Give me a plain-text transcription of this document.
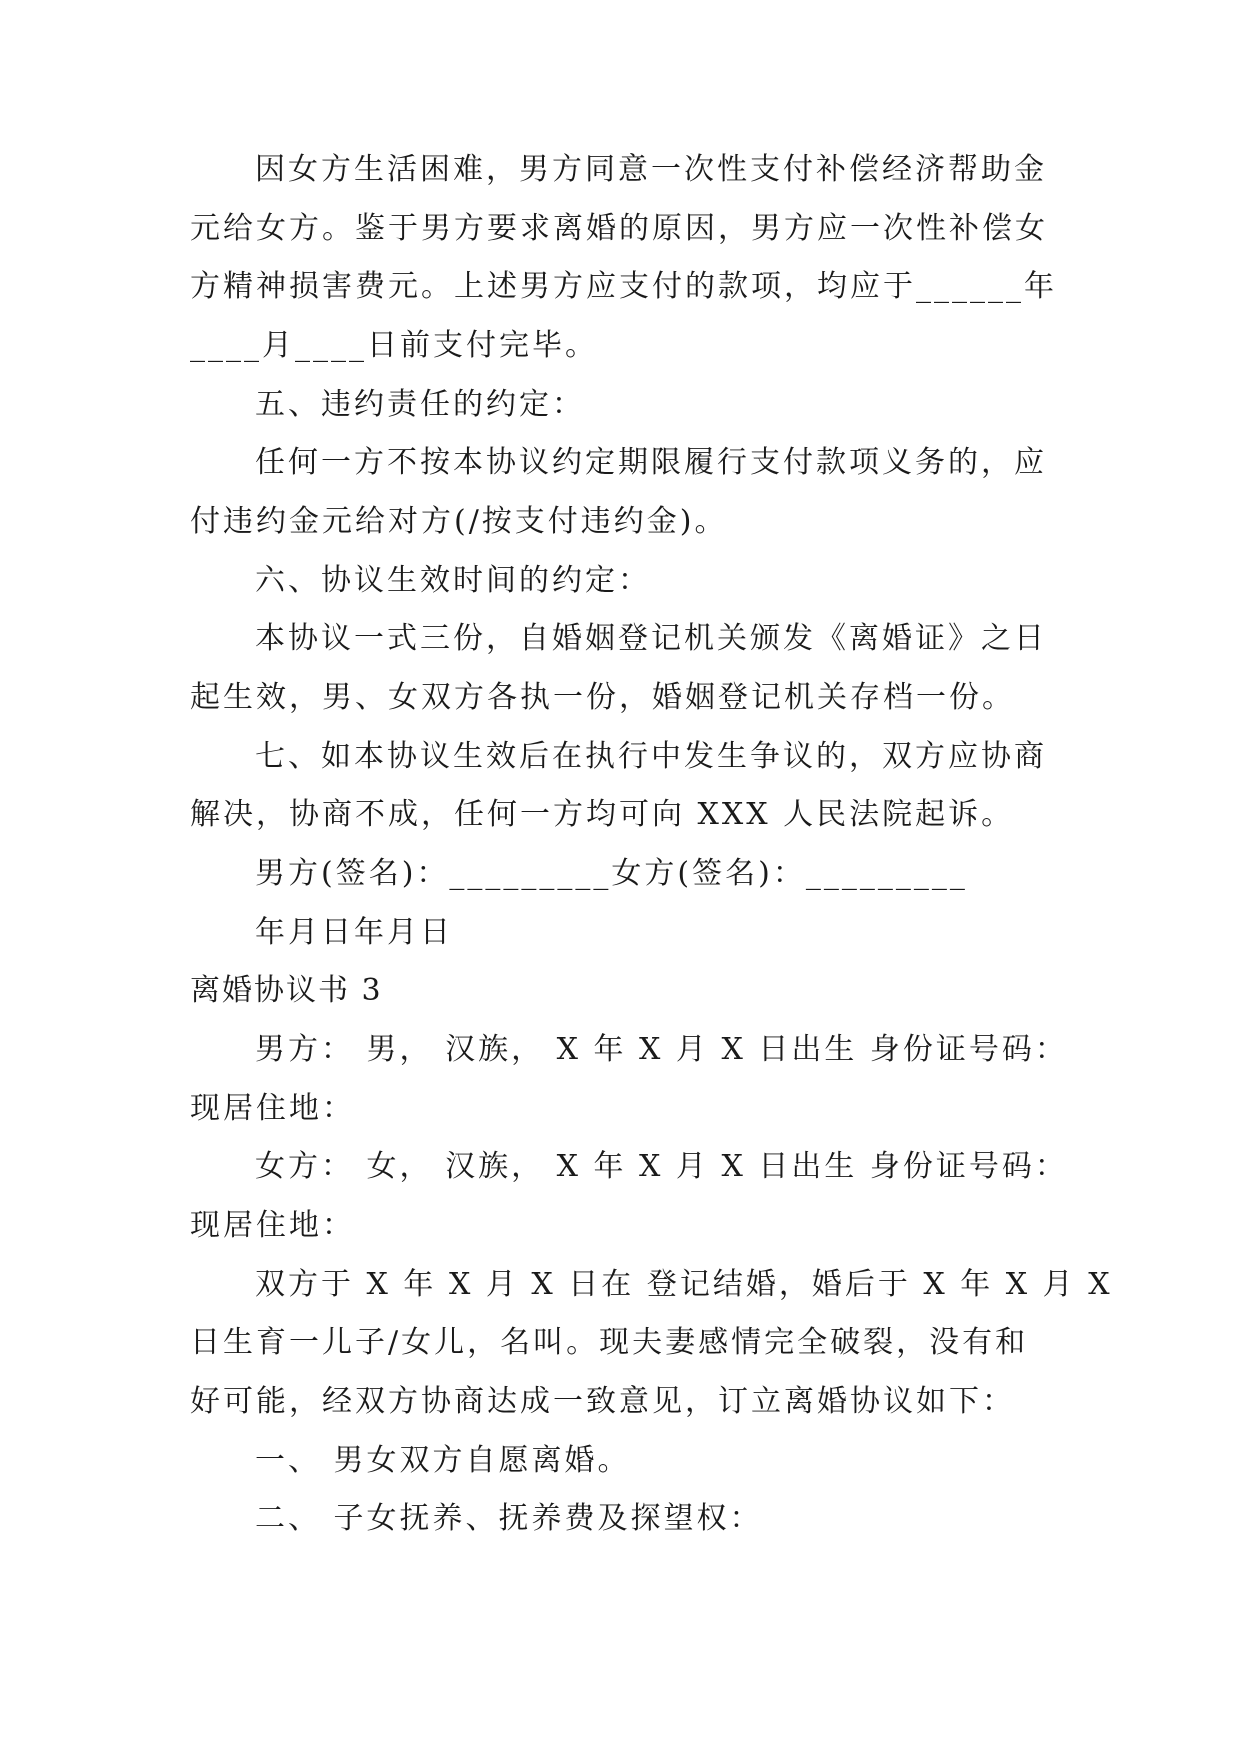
因女方生活困难，男方同意一次性支付补偿经济帮助金
元给女方。鉴于男方要求离婚的原因，男方应一次性补偿女
方精神损害费元。上述男方应支付的款项，均应于______年
____月____日前支付完毕。
五、违约责任的约定：
任何一方不按本协议约定期限履行支付款项义务的，应
付违约金元给对方(/按支付违约金)。
六、协议生效时间的约定：
本协议一式三份，自婚姻登记机关颁发《离婚证》之日
起生效，男、女双方各执一份，婚姻登记机关存档一份。
七、如本协议生效后在执行中发生争议的，双方应协商
解决，协商不成，任何一方均可向 XXX 人民法院起诉。
男方(签名)：_________女方(签名)：_________
年月日年月日
离婚协议书 3
男方： 男， 汉族， X 年 X 月 X 日出生 身份证号码：
现居住地：
女方： 女， 汉族， X 年 X 月 X 日出生 身份证号码：
现居住地：
双方于 X 年 X 月 X 日在 登记结婚，婚后于 X 年 X 月 X
日生育一儿子/女儿，名叫。现夫妻感情完全破裂，没有和
好可能，经双方协商达成一致意见，订立离婚协议如下：
一、 男女双方自愿离婚。
二、 子女抚养、抚养费及探望权：
